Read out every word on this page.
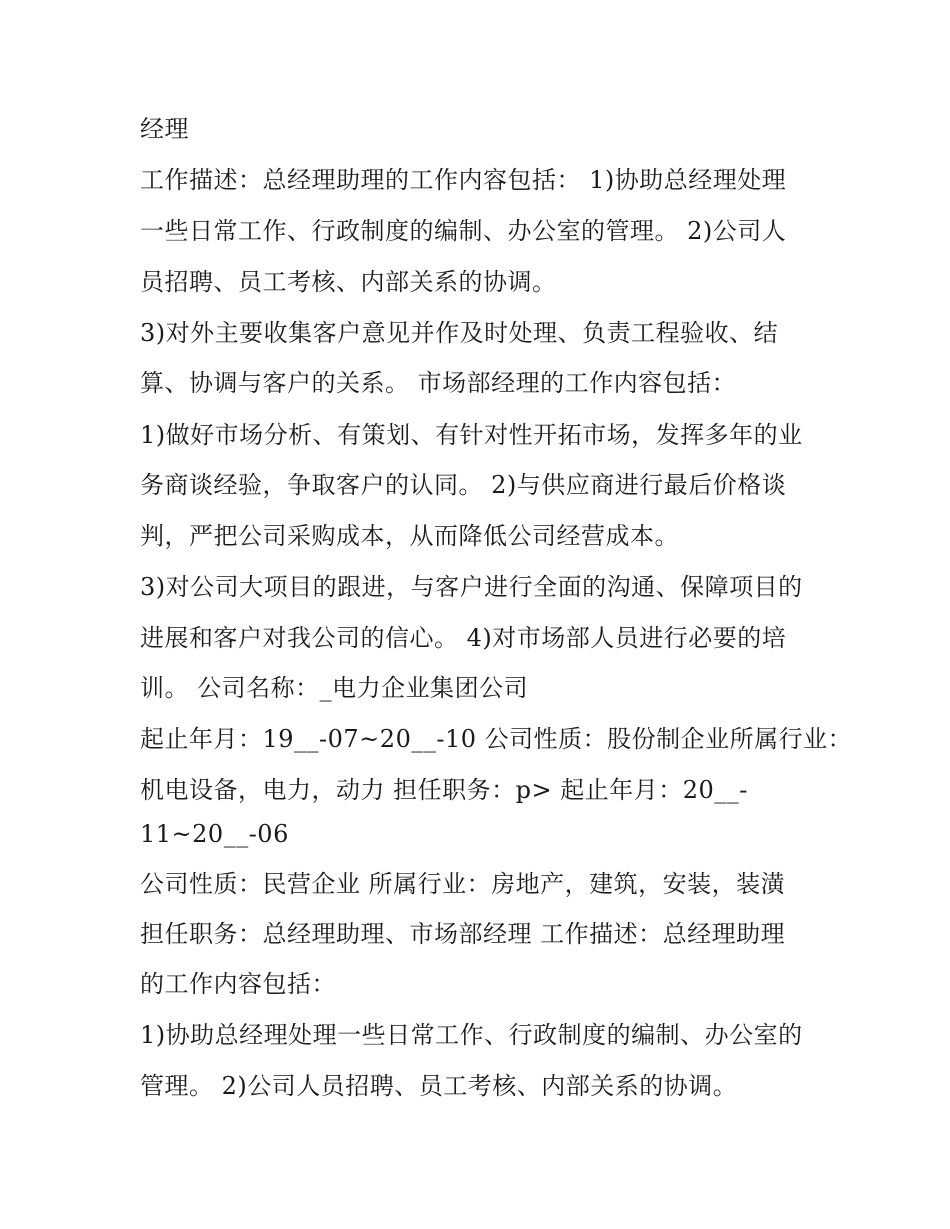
经理
工作描述：总经理助理的工作内容包括： 1)协助总经理处理
一些日常工作、行政制度的编制、办公室的管理。 2)公司人
员招聘、员工考核、内部关系的协调。
3)对外主要收集客户意见并作及时处理、负责工程验收、结
算、协调与客户的关系。 市场部经理的工作内容包括：
1)做好市场分析、有策划、有针对性开拓市场，发挥多年的业
务商谈经验，争取客户的认同。 2)与供应商进行最后价格谈
判，严把公司采购成本，从而降低公司经营成本。
3)对公司大项目的跟进，与客户进行全面的沟通、保障项目的
进展和客户对我公司的信心。 4)对市场部人员进行必要的培
训。 公司名称：_电力企业集团公司
起止年月：19__-07~20__-10 公司性质：股份制企业所属行业：
机电设备，电力，动力 担任职务：p> 起止年月：20__-
11~20__-06
公司性质：民营企业 所属行业：房地产，建筑，安装，装潢
担任职务：总经理助理、市场部经理 工作描述：总经理助理
的工作内容包括：
1)协助总经理处理一些日常工作、行政制度的编制、办公室的
管理。 2)公司人员招聘、员工考核、内部关系的协调。
